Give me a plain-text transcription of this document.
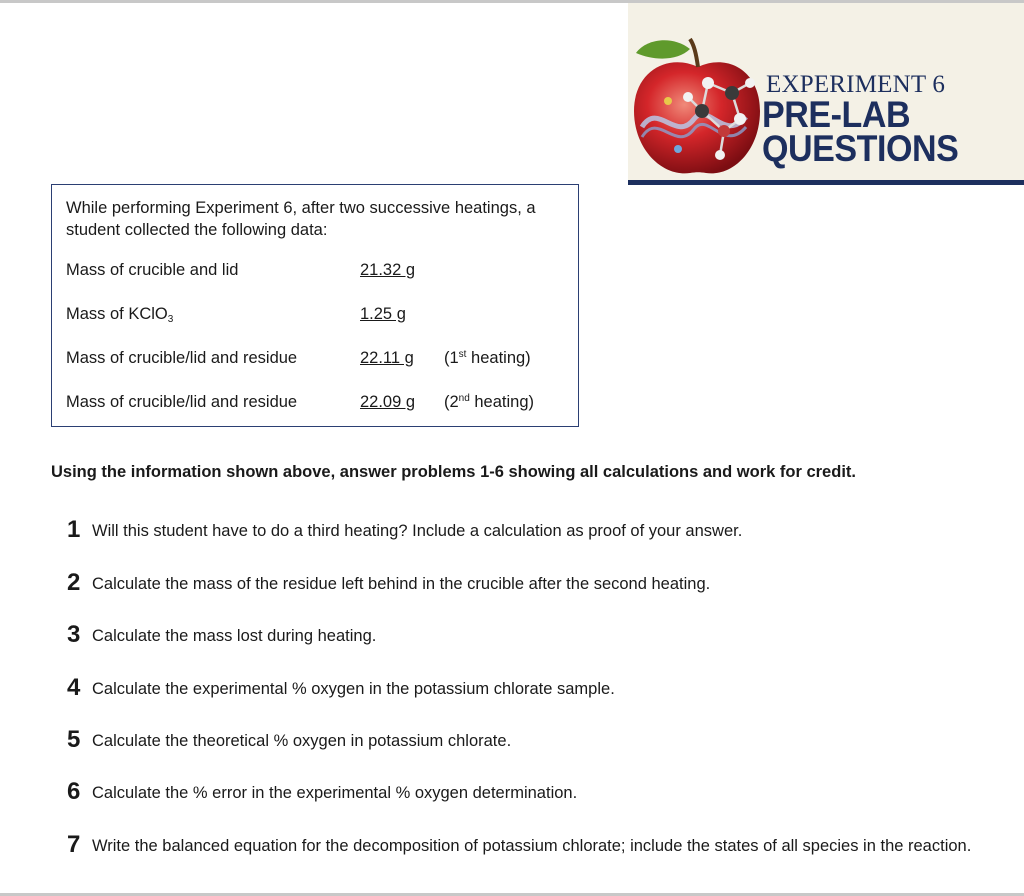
EXPERIMENT 6
PRE-LAB QUESTIONS
While performing Experiment 6, after two successive heatings, a student collected the following data:
Mass of crucible and lid	21.32 g
Mass of KClO$_3$	1.25 g
Mass of crucible/lid and residue	22.11 g (1st heating)
Mass of crucible/lid and residue	22.09 g (2nd heating)
Using the information shown above, answer problems 1-6 showing all calculations and work for credit.
1 Will this student have to do a third heating? Include a calculation as proof of your answer.
2 Calculate the mass of the residue left behind in the crucible after the second heating.
3 Calculate the mass lost during heating.
4 Calculate the experimental % oxygen in the potassium chlorate sample.
5 Calculate the theoretical % oxygen in potassium chlorate.
6 Calculate the % error in the experimental % oxygen determination.
7 Write the balanced equation for the decomposition of potassium chlorate; include the states of all species in the reaction.
